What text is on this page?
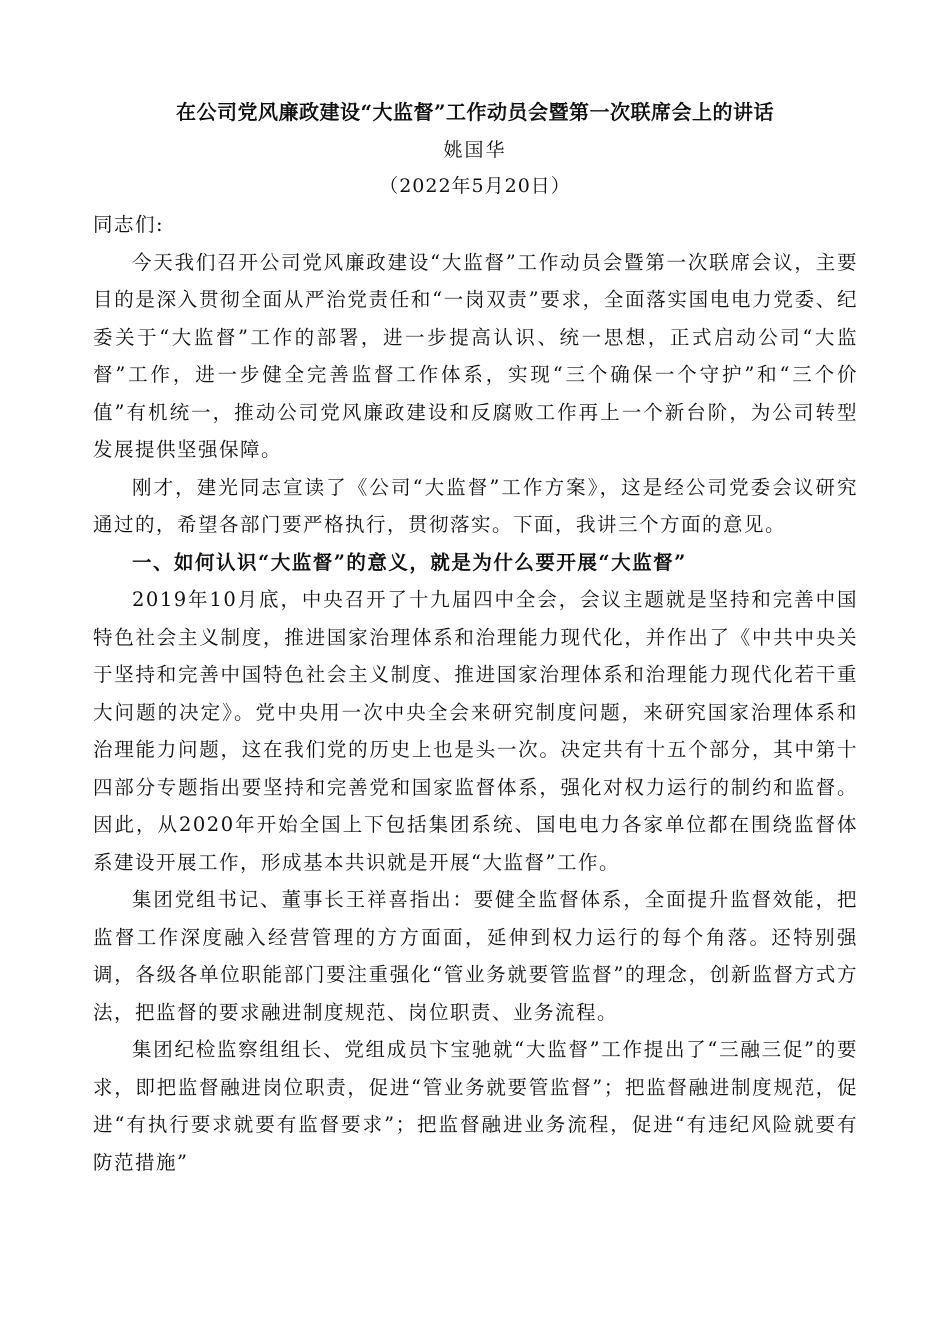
在公司党风廉政建设“大监督”工作动员会暨第一次联席会上的讲话
姚国华
（2022年5月20日）

同志们:

今天我们召开公司党风廉政建设“大监督”工作动员会暨第一次联席会议，主要目的是深入贯彻全面从严治党责任和“一岗双责”要求，全面落实国电电力党委、纪委关于“大监督”工作的部署，进一步提高认识、统一思想，正式启动公司“大监督”工作，进一步健全完善监督工作体系，实现“三个确保一个守护”和“三个价值”有机统一，推动公司党风廉政建设和反腐败工作再上一个新台阶，为公司转型发展提供坚强保障。

刚才，建光同志宣读了《公司“大监督”工作方案》，这是经公司党委会议研究通过的，希望各部门要严格执行，贯彻落实。下面，我讲三个方面的意见。

一、如何认识“大监督”的意义，就是为什么要开展“大监督”

2019年10月底，中央召开了十九届四中全会，会议主题就是坚持和完善中国特色社会主义制度，推进国家治理体系和治理能力现代化，并作出了《中共中央关于坚持和完善中国特色社会主义制度、推进国家治理体系和治理能力现代化若干重大问题的决定》。党中央用一次中央全会来研究制度问题，来研究国家治理体系和治理能力问题，这在我们党的历史上也是头一次。决定共有十五个部分，其中第十四部分专题指出要坚持和完善党和国家监督体系，强化对权力运行的制约和监督。因此，从2020年开始全国上下包括集团系统、国电电力各家单位都在围绕监督体系建设开展工作，形成基本共识就是开展“大监督”工作。

集团党组书记、董事长王祥喜指出：要健全监督体系，全面提升监督效能，把监督工作深度融入经营管理的方方面面，延伸到权力运行的每个角落。还特别强调，各级各单位职能部门要注重强化“管业务就要管监督”的理念，创新监督方式方法，把监督的要求融进制度规范、岗位职责、业务流程。

集团纪检监察组组长、党组成员卞宝驰就“大监督”工作提出了“三融三促”的要求，即把监督融进岗位职责，促进“管业务就要管监督”；把监督融进制度规范，促进“有执行要求就要有监督要求”；把监督融进业务流程，促进“有违纪风险就要有防范措施”
